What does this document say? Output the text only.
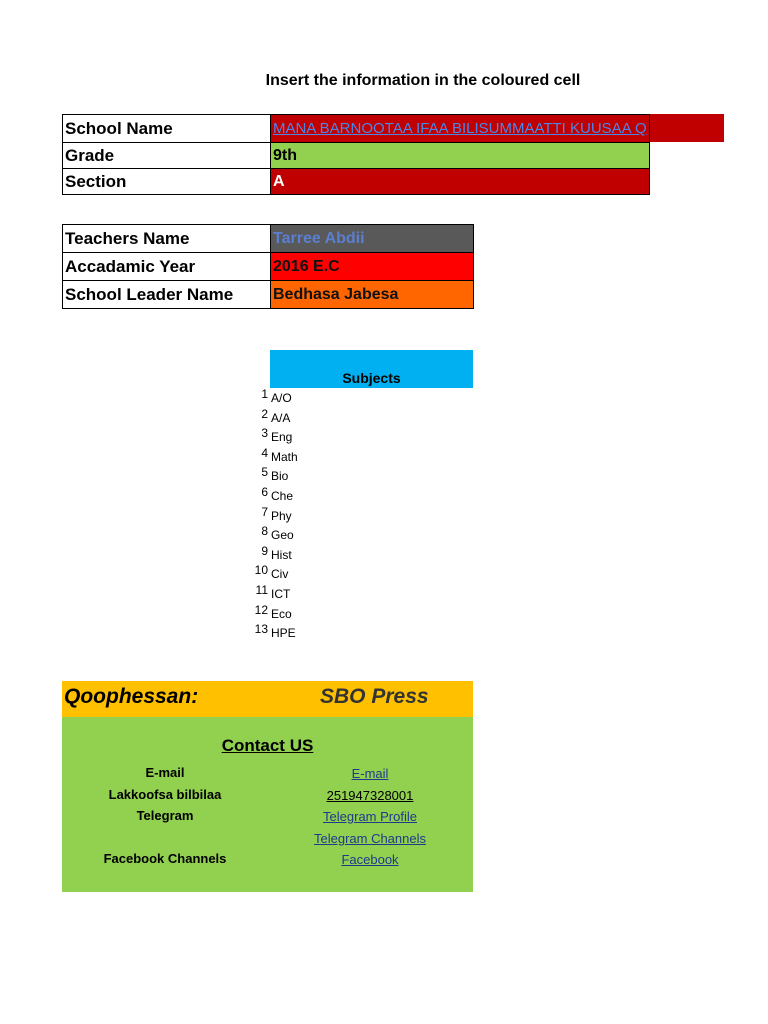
Insert the information in the coloured cell
School Name	MANA BARNOOTAA IFAA BILISUMMAATTI KUUSAA Q
Grade	9th
Section	A
Teachers Name	Tarree Abdii
Accadamic Year	2016 E.C
School Leader Name	Bedhasa Jabesa
Subjects
1 A/O
2 A/A
3 Eng
4 Math
5 Bio
6 Che
7 Phy
8 Geo
9 Hist
10 Civ
11 ICT
12 Eco
13 HPE
Qoophessan:	SBO Press
Contact US
E-mail	E-mail
Lakkoofsa bilbilaa	251947328001
Telegram	Telegram Profile
Telegram Channels
Facebook Channels	Facebook
